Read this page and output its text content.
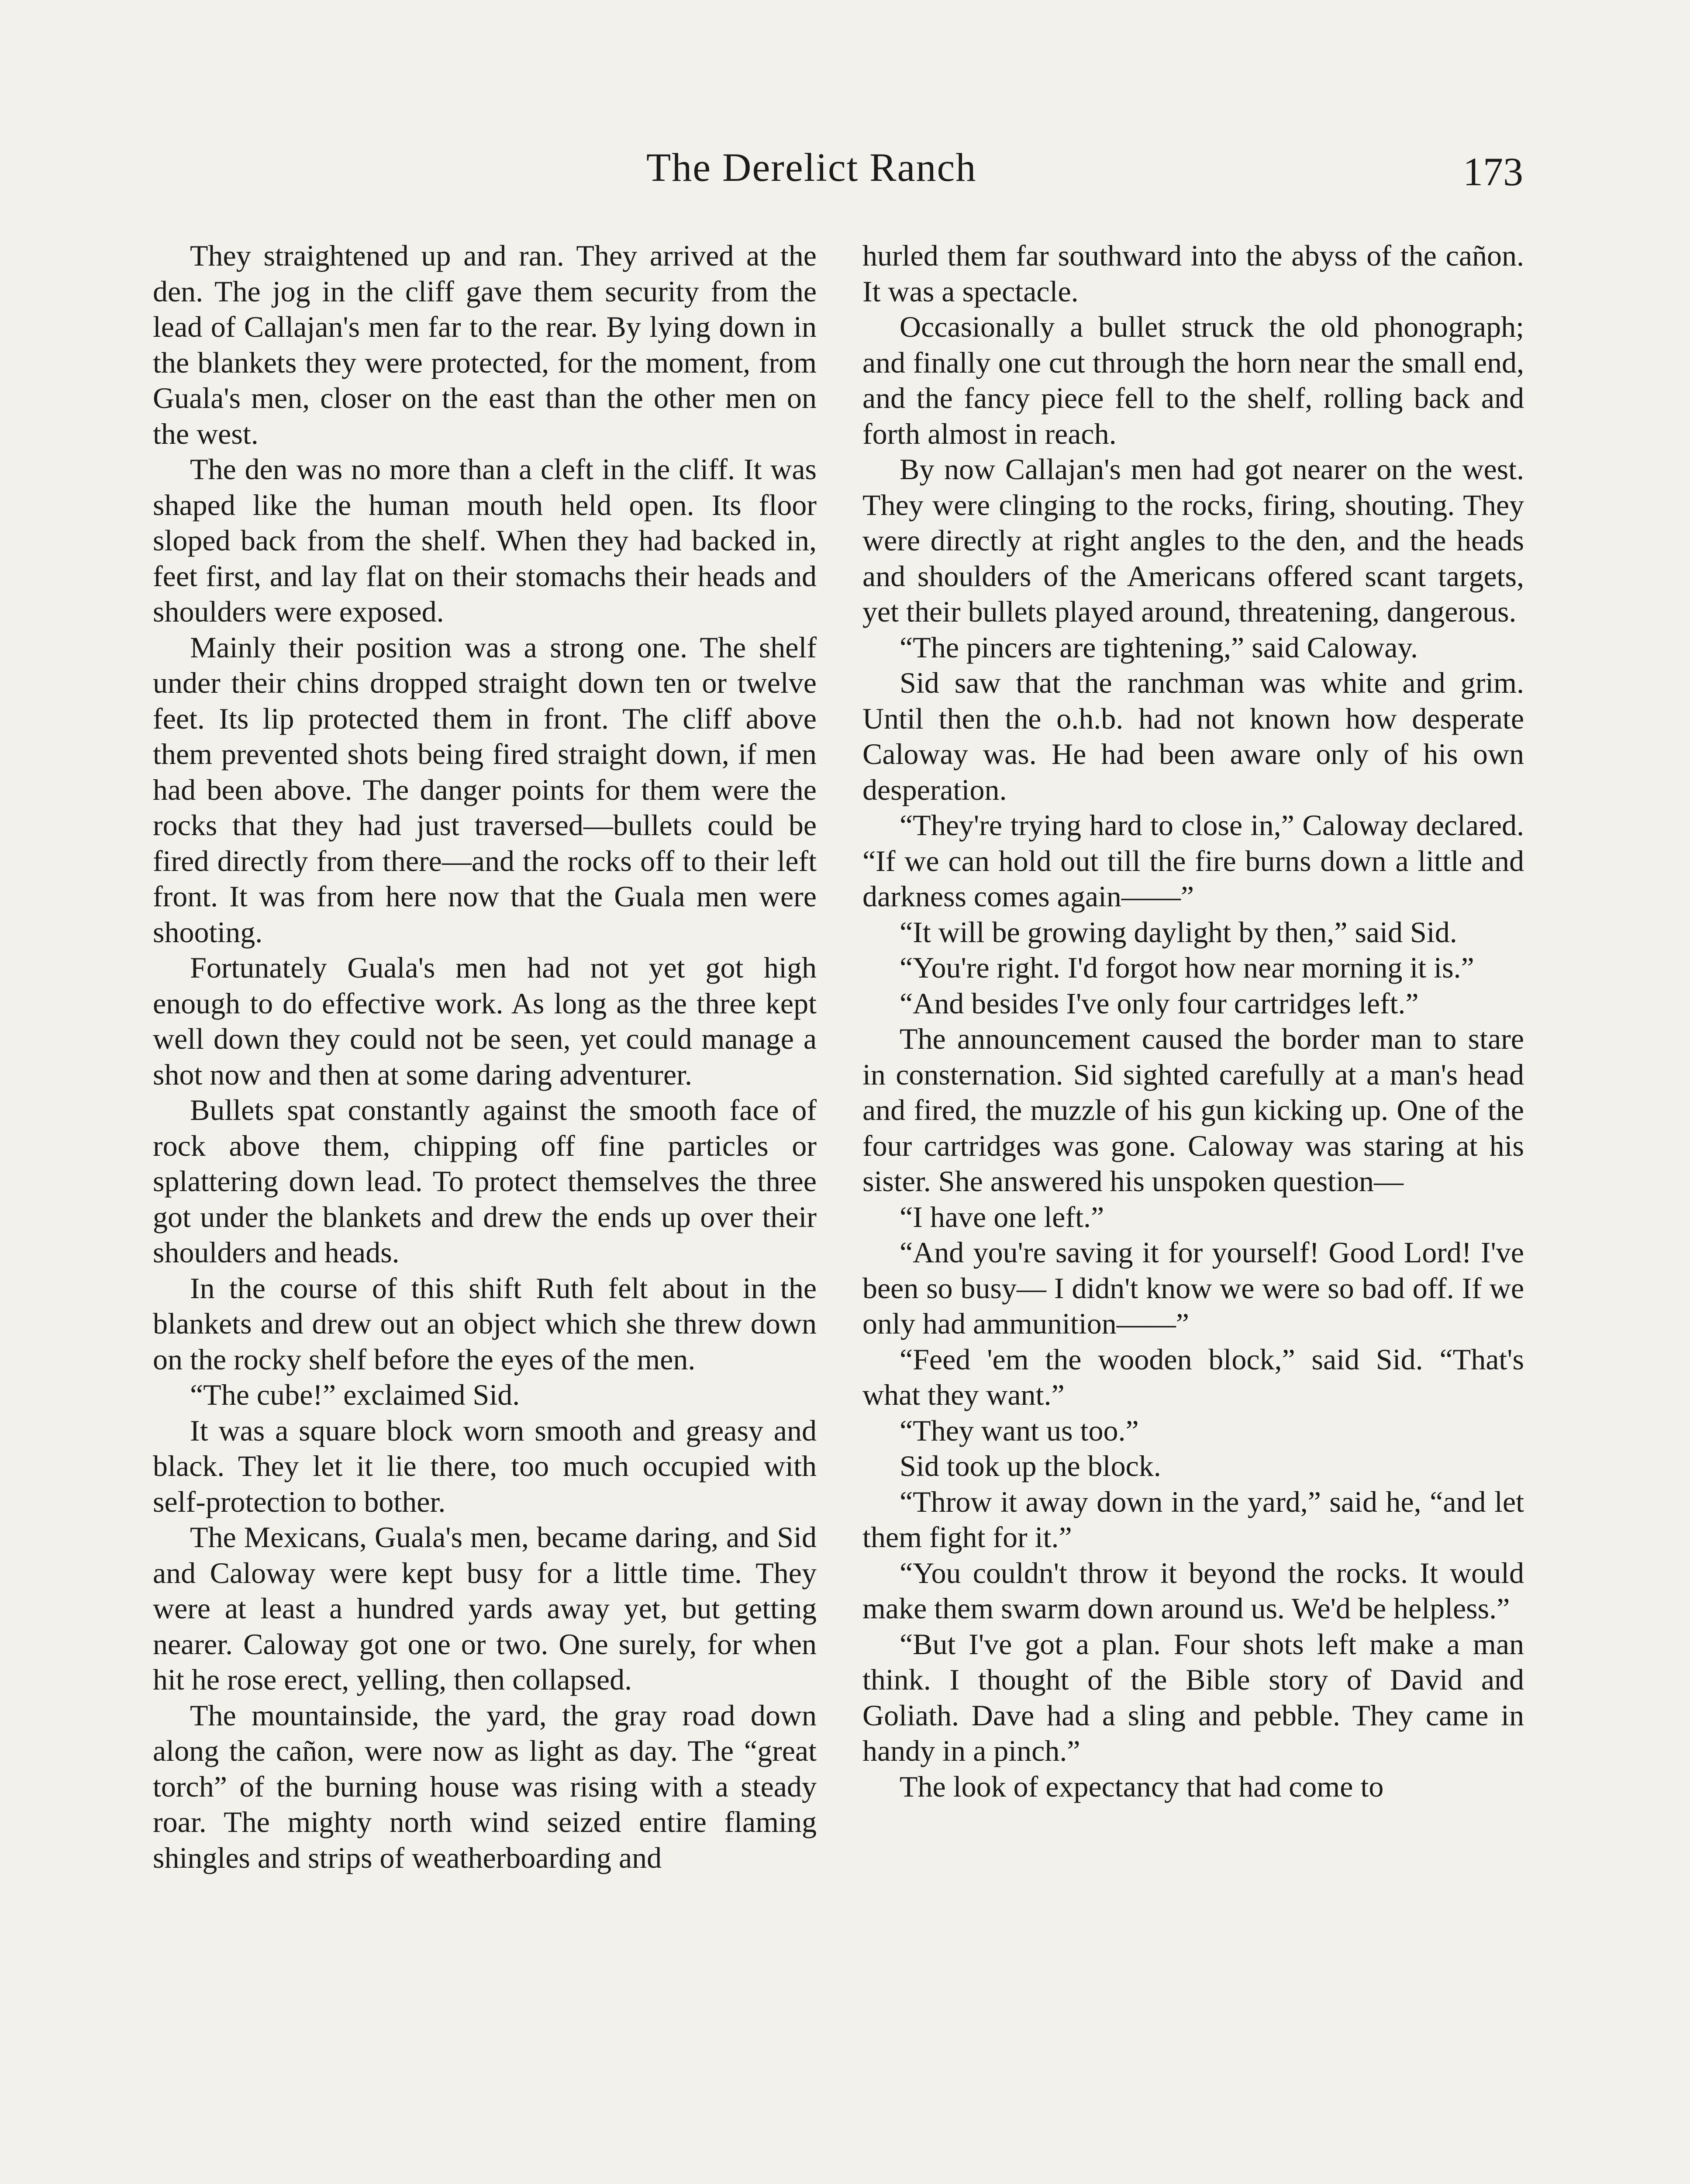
The Derelict Ranch	173

They straightened up and ran. They arrived at the den. The jog in the cliff gave them security from the lead of Callajan's men far to the rear. By lying down in the blankets they were protected, for the moment, from Guala's men, closer on the east than the other men on the west.

The den was no more than a cleft in the cliff. It was shaped like the human mouth held open. Its floor sloped back from the shelf. When they had backed in, feet first, and lay flat on their stomachs their heads and shoulders were exposed.

Mainly their position was a strong one. The shelf under their chins dropped straight down ten or twelve feet. Its lip protected them in front. The cliff above them prevented shots being fired straight down, if men had been above. The danger points for them were the rocks that they had just traversed—bullets could be fired directly from there—and the rocks off to their left front. It was from here now that the Guala men were shooting.

Fortunately Guala's men had not yet got high enough to do effective work. As long as the three kept well down they could not be seen, yet could manage a shot now and then at some daring adventurer.

Bullets spat constantly against the smooth face of rock above them, chipping off fine particles or splattering down lead. To protect themselves the three got under the blankets and drew the ends up over their shoulders and heads.

In the course of this shift Ruth felt about in the blankets and drew out an object which she threw down on the rocky shelf before the eyes of the men.

“The cube!” exclaimed Sid.

It was a square block worn smooth and greasy and black. They let it lie there, too much occupied with self-protection to bother.

The Mexicans, Guala's men, became daring, and Sid and Caloway were kept busy for a little time. They were at least a hundred yards away yet, but getting nearer. Caloway got one or two. One surely, for when hit he rose erect, yelling, then collapsed.

The mountainside, the yard, the gray road down along the cañon, were now as light as day. The “great torch” of the burning house was rising with a steady roar. The mighty north wind seized entire flaming shingles and strips of weatherboarding and

hurled them far southward into the abyss of the cañon. It was a spectacle.

Occasionally a bullet struck the old phonograph; and finally one cut through the horn near the small end, and the fancy piece fell to the shelf, rolling back and forth almost in reach.

By now Callajan's men had got nearer on the west. They were clinging to the rocks, firing, shouting. They were directly at right angles to the den, and the heads and shoulders of the Americans offered scant targets, yet their bullets played around, threatening, dangerous.

“The pincers are tightening,” said Caloway.

Sid saw that the ranchman was white and grim. Until then the o.h.b. had not known how desperate Caloway was. He had been aware only of his own desperation.

“They're trying hard to close in,” Caloway declared. “If we can hold out till the fire burns down a little and darkness comes again——”

“It will be growing daylight by then,” said Sid.

“You're right. I'd forgot how near morning it is.”

“And besides I've only four cartridges left.”

The announcement caused the border man to stare in consternation. Sid sighted carefully at a man's head and fired, the muzzle of his gun kicking up. One of the four cartridges was gone. Caloway was staring at his sister. She answered his unspoken question—

“I have one left.”

“And you're saving it for yourself! Good Lord! I've been so busy— I didn't know we were so bad off. If we only had ammunition——”

“Feed 'em the wooden block,” said Sid. “That's what they want.”

“They want us too.”

Sid took up the block.

“Throw it away down in the yard,” said he, “and let them fight for it.”

“You couldn't throw it beyond the rocks. It would make them swarm down around us. We'd be helpless.”

“But I've got a plan. Four shots left make a man think. I thought of the Bible story of David and Goliath. Dave had a sling and pebble. They came in handy in a pinch.”

The look of expectancy that had come to
